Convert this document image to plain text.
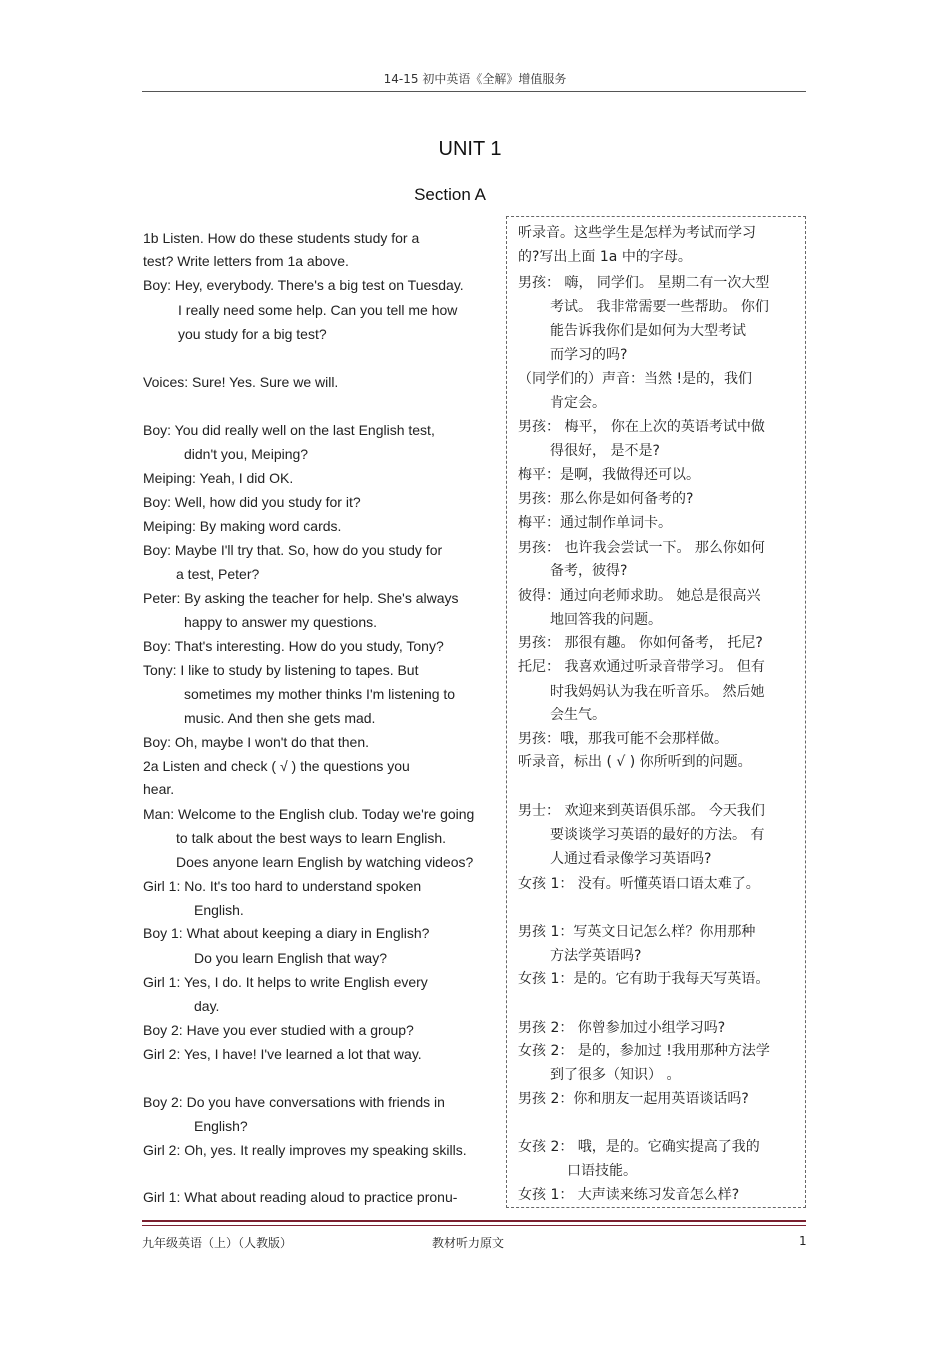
14-15 初中英语《全解》增值服务
UNIT 1
Section A
1b Listen. How do these students study for a
test? Write letters from 1a above.
Boy: Hey, everybody. There's a big test on Tuesday.
I really need some help. Can you tell me how
you study for a big test?
Voices: Sure! Yes. Sure we will.
Boy: You did really well on the last English test,
didn't you, Meiping?
Meiping: Yeah, I did OK.
Boy: Well, how did you study for it?
Meiping: By making word cards.
Boy: Maybe I'll try that. So, how do you study for
a test, Peter?
Peter: By asking the teacher for help. She's always
happy to answer my questions.
Boy: That's interesting. How do you study, Tony?
Tony: I like to study by listening to tapes. But
sometimes my mother thinks I'm listening to
music. And then she gets mad.
Boy: Oh, maybe I won't do that then.
2a Listen and check ( √ ) the questions you
hear.
Man: Welcome to the English club. Today we're going
to talk about the best ways to learn English.
Does anyone learn English by watching videos?
Girl 1: No. It's too hard to understand spoken
English.
Boy 1: What about keeping a diary in English?
Do you learn English that way?
Girl 1: Yes, I do. It helps to write English every
day.
Boy 2: Have you ever studied with a group?
Girl 2: Yes, I have! I've learned a lot that way.
Boy 2: Do you have conversations with friends in
English?
Girl 2: Oh, yes. It really improves my speaking skills.
Girl 1: What about reading aloud to practice pronu-
听录音。这些学生是怎样为考试而学习
的?写出上面 1a 中的字母。
男孩： 嗨， 同学们。 星期二有一次大型
考试。 我非常需要一些帮助。 你们
能告诉我你们是如何为大型考试
而学习的吗?
（同学们的）声音：当然 !是的，我们
肯定会。
男孩： 梅平， 你在上次的英语考试中做
得很好， 是不是?
梅平：是啊，我做得还可以。
男孩：那么你是如何备考的?
梅平：通过制作单词卡。
男孩： 也许我会尝试一下。 那么你如何
备考，彼得?
彼得：通过向老师求助。 她总是很高兴
地回答我的问题。
男孩： 那很有趣。 你如何备考， 托尼?
托尼： 我喜欢通过听录音带学习。 但有
时我妈妈认为我在听音乐。 然后她
会生气。
男孩：哦，那我可能不会那样做。
听录音，标出 ( √ ) 你所听到的问题。
男士： 欢迎来到英语俱乐部。 今天我们
要谈谈学习英语的最好的方法。 有
人通过看录像学习英语吗?
女孩 1： 没有。听懂英语口语太难了。
男孩 1：写英文日记怎么样？你用那种
方法学英语吗?
女孩 1：是的。它有助于我每天写英语。
男孩 2： 你曾参加过小组学习吗?
女孩 2： 是的，参加过 !我用那种方法学
到了很多（知识） 。
男孩 2：你和朋友一起用英语谈话吗?
女孩 2： 哦，是的。它确实提高了我的
口语技能。
女孩 1： 大声读来练习发音怎么样?
九年级英语（上）（人教版）	教材听力原文	1
